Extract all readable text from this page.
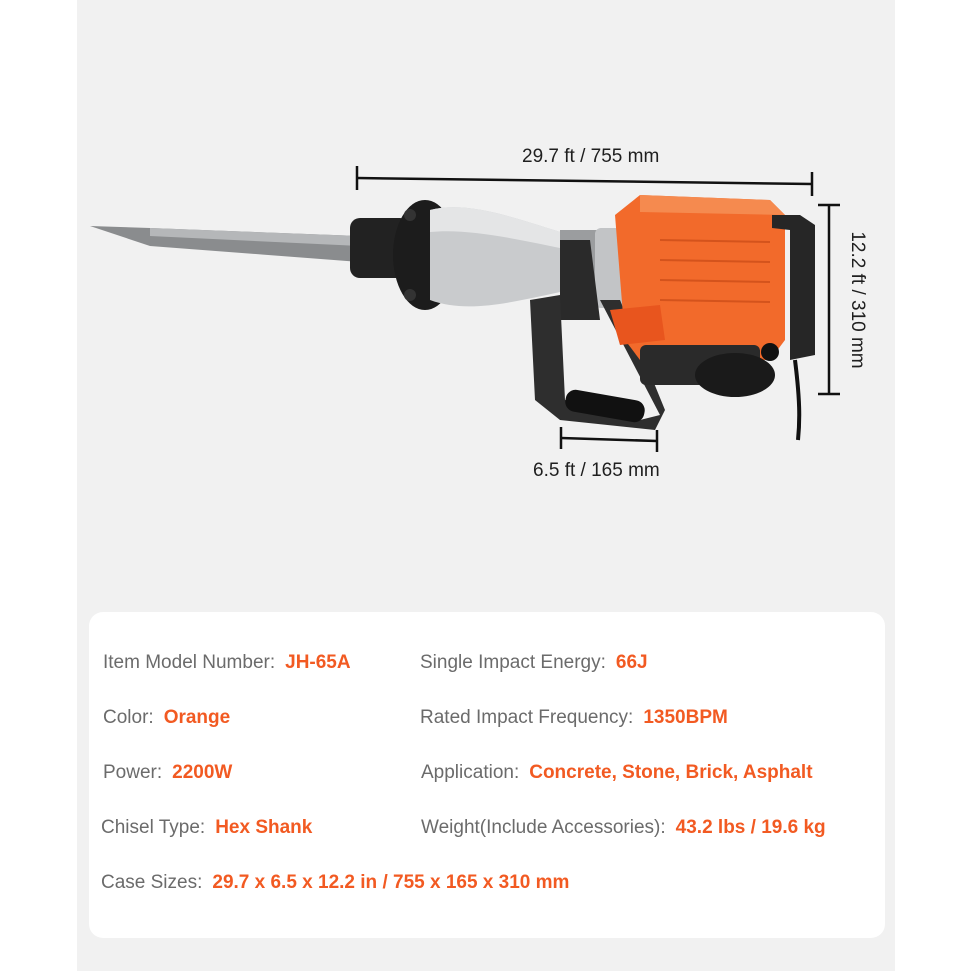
29.7 ft / 755 mm
12.2 ft / 310 mm
6.5 ft / 165 mm
Item Model Number: JH-65A
Color: Orange
Power: 2200W
Chisel Type: Hex Shank
Case Sizes: 29.7 x 6.5 x 12.2 in / 755 x 165 x 310 mm
Single Impact Energy: 66J
Rated Impact Frequency: 1350BPM
Application: Concrete, Stone, Brick, Asphalt
Weight(Include Accessories): 43.2 lbs / 19.6 kg
